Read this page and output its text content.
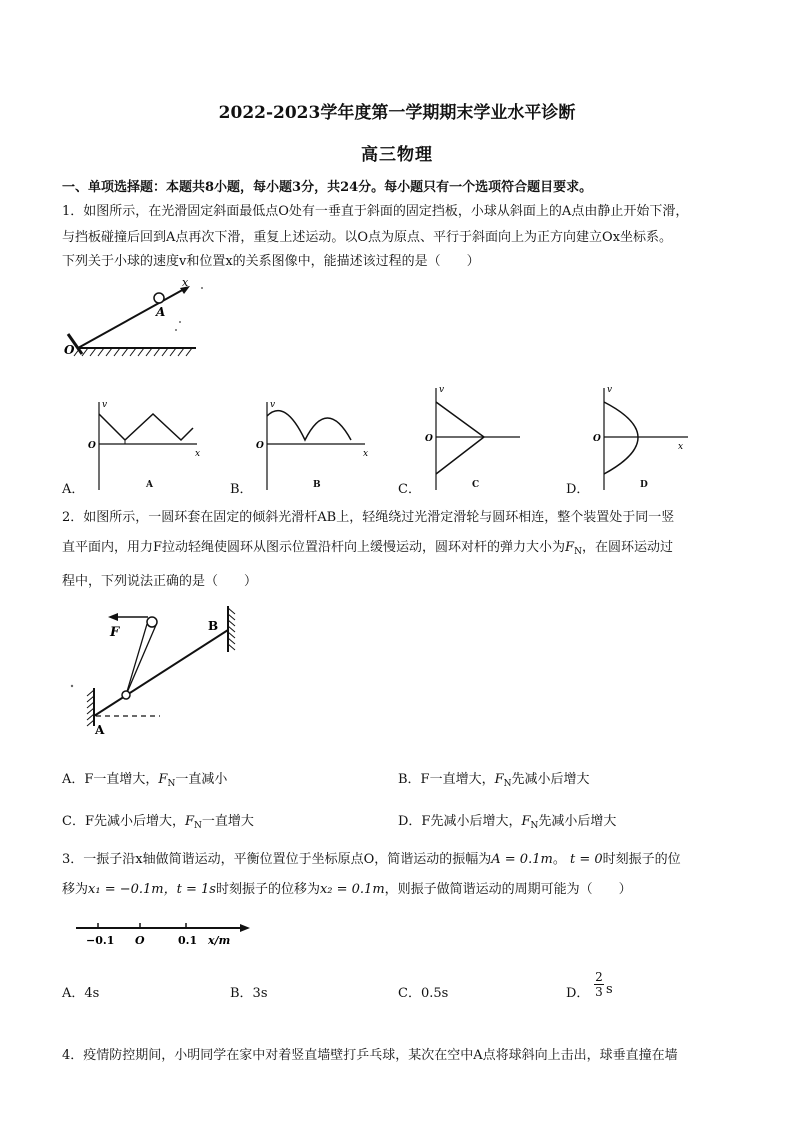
2022-2023学年度第一学期期末学业水平诊断
高三物理
一、单项选择题：本题共8小题，每小题3分，共24分。每小题只有一个选项符合题目要求。
1．如图所示，在光滑固定斜面最低点O处有一垂直于斜面的固定挡板，小球从斜面上的A点由静止开始下滑，
与挡板碰撞后回到A点再次下滑，重复上述运动。以O点为原点、平行于斜面向上为正方向建立Ox坐标系。
下列关于小球的速度v和位置x的关系图像中，能描述该过程的是（　　）
O
A
x
v
O
x
v
O
x
v
O
v
O
x
A．	B．	C．	D．
A	B	C	D
2．如图所示，一圆环套在固定的倾斜光滑杆AB上，轻绳绕过光滑定滑轮与圆环相连，整个装置处于同一竖
直平面内，用力F拉动轻绳使圆环从图示位置沿杆向上缓慢运动，圆环对杆的弹力大小为$F_N$，在圆环运动过
程中，下列说法正确的是（　　）
F	B
A
A．F一直增大，$F_N$一直减小	B．F一直增大，$F_N$先减小后增大
C．F先减小后增大，$F_N$一直增大	D．F先减小后增大，$F_N$先减小后增大
3．一振子沿x轴做简谐运动，平衡位置位于坐标原点O，简谐运动的振幅为A = 0.1m。 t = 0时刻振子的位
移为x₁ = −0.1m，t = 1s时刻振子的位移为x₂ = 0.1m，则振子做简谐运动的周期可能为（　　）
−0.1 O	0.1 x/m
A．4s	B．3s	C．0.5s	D． $\frac{2}{3}$ s
4．疫情防控期间，小明同学在家中对着竖直墙壁打乒乓球，某次在空中A点将球斜向上击出，球垂直撞在墙
